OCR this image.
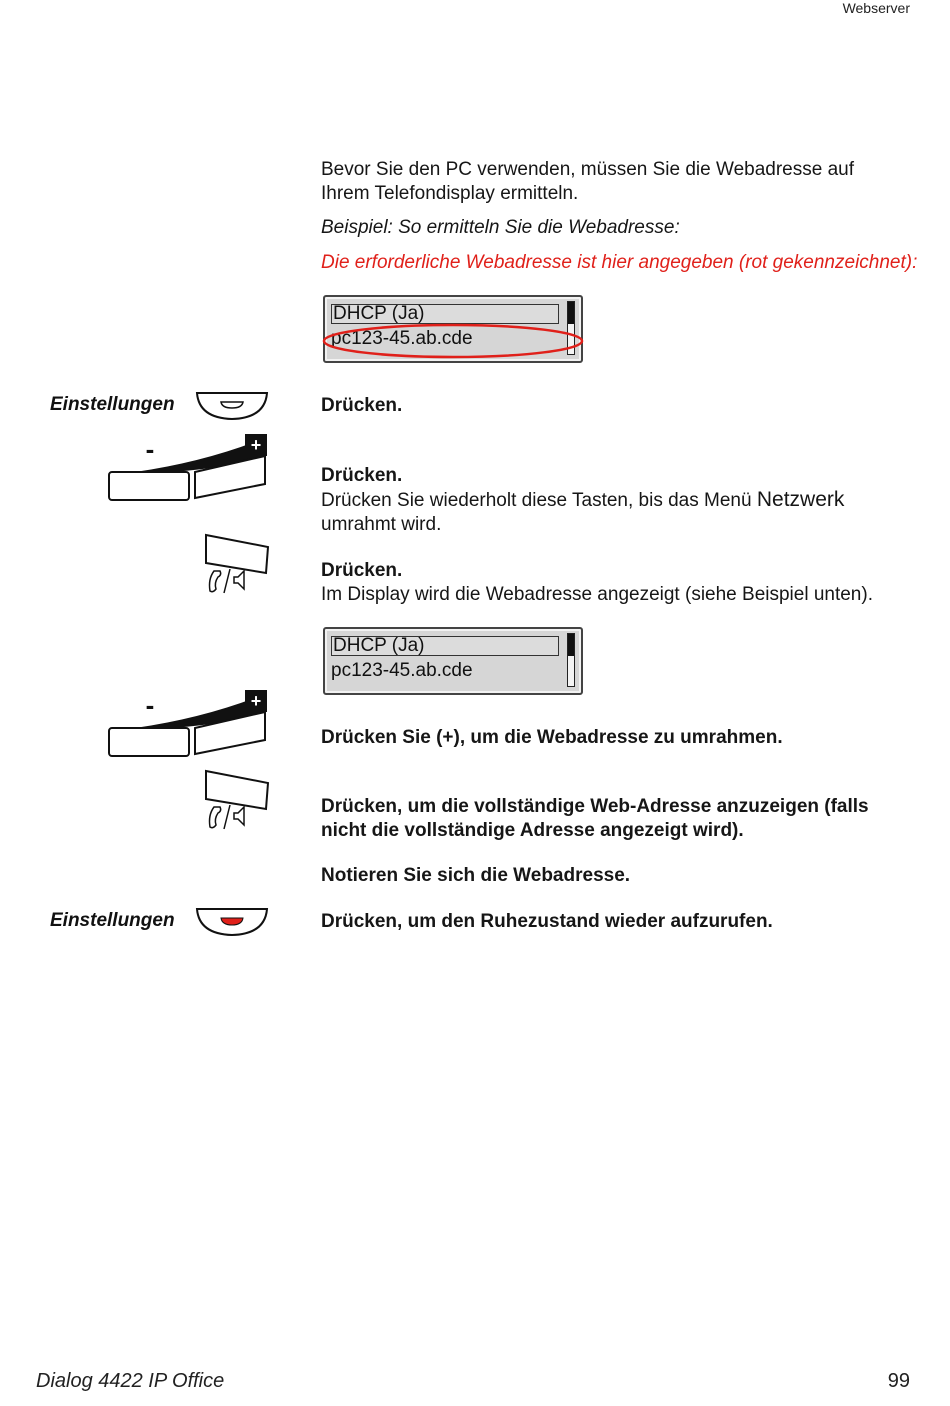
Webserver
Bevor Sie den PC verwenden, müssen Sie die Webadresse auf
Ihrem Telefondisplay ermitteln.
Beispiel: So ermitteln Sie die Webadresse:
Die erforderliche Webadresse ist hier angegeben (rot gekennzeichnet):
DHCP (Ja)
pc123-45.ab.cde
Einstellungen	Drücken.
+
-
Drücken.
Drücken Sie wiederholt diese Tasten, bis das Menü Netzwerk
umrahmt wird.
Drücken.
Im Display wird die Webadresse angezeigt (siehe Beispiel unten).
DHCP (Ja)
pc123-45.ab.cde
+
-
Drücken Sie (+), um die Webadresse zu umrahmen.
Drücken, um die vollständige Web-Adresse anzuzeigen (falls
nicht die vollständige Adresse angezeigt wird).
Notieren Sie sich die Webadresse.
Einstellungen	Drücken, um den Ruhezustand wieder aufzurufen.
Dialog 4422 IP Office	99
